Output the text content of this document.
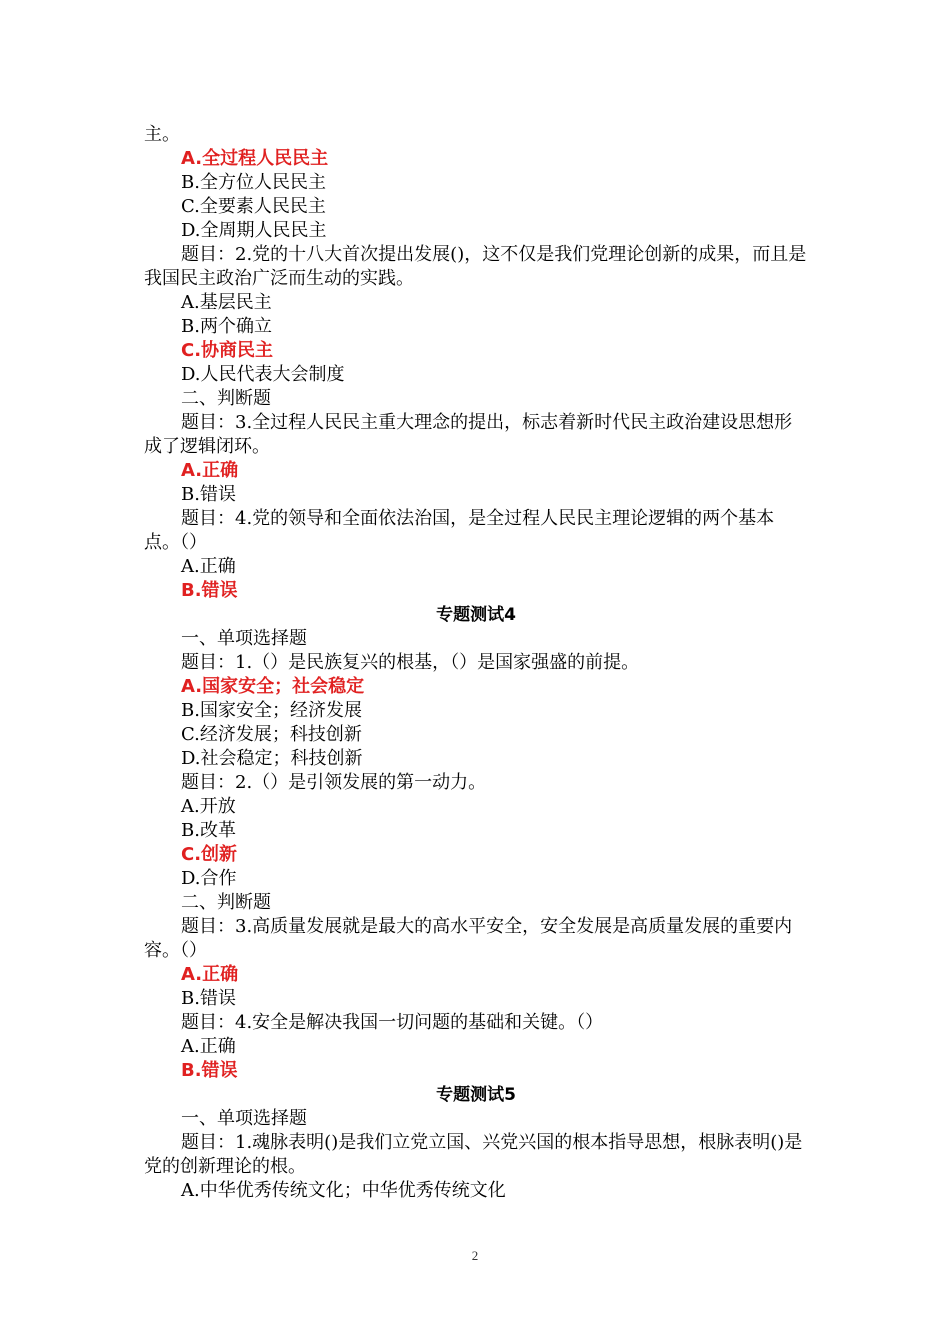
主。

A.全过程人民民主

B.全方位人民民主

C.全要素人民民主

D.全周期人民民主

题目：2.党的十八大首次提出发展()，这不仅是我们党理论创新的成果，而且是我国民主政治广泛而生动的实践。

A.基层民主

B.两个确立

C.协商民主

D.人民代表大会制度

二、判断题

题目：3.全过程人民民主重大理念的提出，标志着新时代民主政治建设思想形成了逻辑闭环。

A.正确

B.错误

题目：4.党的领导和全面依法治国，是全过程人民民主理论逻辑的两个基本点。（）

A.正确

B.错误

专题测试4

一、单项选择题

题目：1.（）是民族复兴的根基，（）是国家强盛的前提。

A.国家安全；社会稳定

B.国家安全；经济发展

C.经济发展；科技创新

D.社会稳定；科技创新

题目：2.（）是引领发展的第一动力。

A.开放

B.改革

C.创新

D.合作

二、判断题

题目：3.高质量发展就是最大的高水平安全，安全发展是高质量发展的重要内容。（）

A.正确

B.错误

题目：4.安全是解决我国一切问题的基础和关键。（）

A.正确

B.错误

专题测试5

一、单项选择题

题目：1.魂脉表明()是我们立党立国、兴党兴国的根本指导思想，根脉表明()是党的创新理论的根。

A.中华优秀传统文化；中华优秀传统文化

2
